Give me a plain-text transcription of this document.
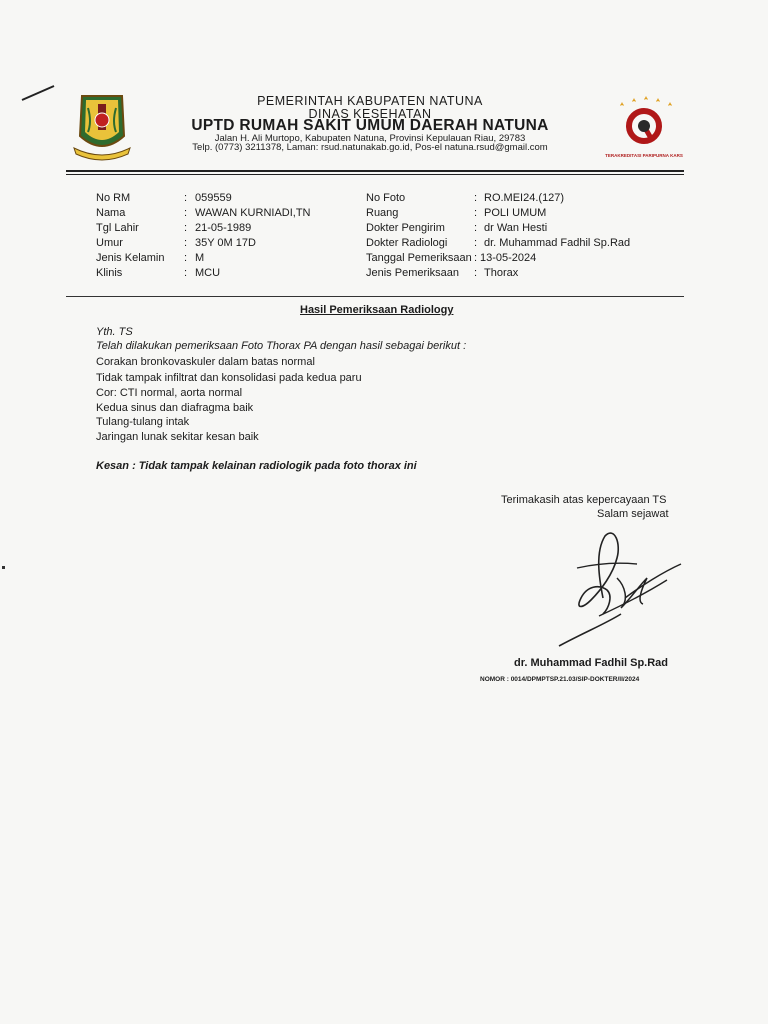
PEMERINTAH KABUPATEN NATUNA
DINAS KESEHATAN
UPTD RUMAH SAKIT UMUM DAERAH NATUNA
Jalan H. Ali Murtopo, Kabupaten Natuna, Provinsi Kepulauan Riau, 29783
Telp. (0773) 3211378, Laman: rsud.natunakab.go.id, Pos-el natuna.rsud@gmail.com
TERAKREDITASI PARIPURNA KARS
No RM	: 059559
Nama	: WAWAN KURNIADI,TN
Tgl Lahir	: 21-05-1989
Umur	: 35Y 0M 17D
Jenis Kelamin : M
Klinis	: MCU
No Foto	: RO.MEI24.(127)
Ruang	: POLI UMUM
Dokter Pengirim	: dr Wan Hesti
Dokter Radiologi : dr. Muhammad Fadhil Sp.Rad
Tanggal Pemeriksaan : 13-05-2024
Jenis Pemeriksaan : Thorax
Hasil Pemeriksaan Radiology
Yth. TS
Telah dilakukan pemeriksaan Foto Thorax PA dengan hasil sebagai berikut :
Corakan bronkovaskuler dalam batas normal
Tidak tampak infiltrat dan konsolidasi pada kedua paru
Cor: CTI normal, aorta normal
Kedua sinus dan diafragma baik
Tulang-tulang intak
Jaringan lunak sekitar kesan baik
Kesan : Tidak tampak kelainan radiologik pada foto thorax ini
Terimakasih atas kepercayaan TS
Salam sejawat
dr. Muhammad Fadhil Sp.Rad
NOMOR : 0014/DPMPTSP.21.03/SIP-DOKTER/II/2024
